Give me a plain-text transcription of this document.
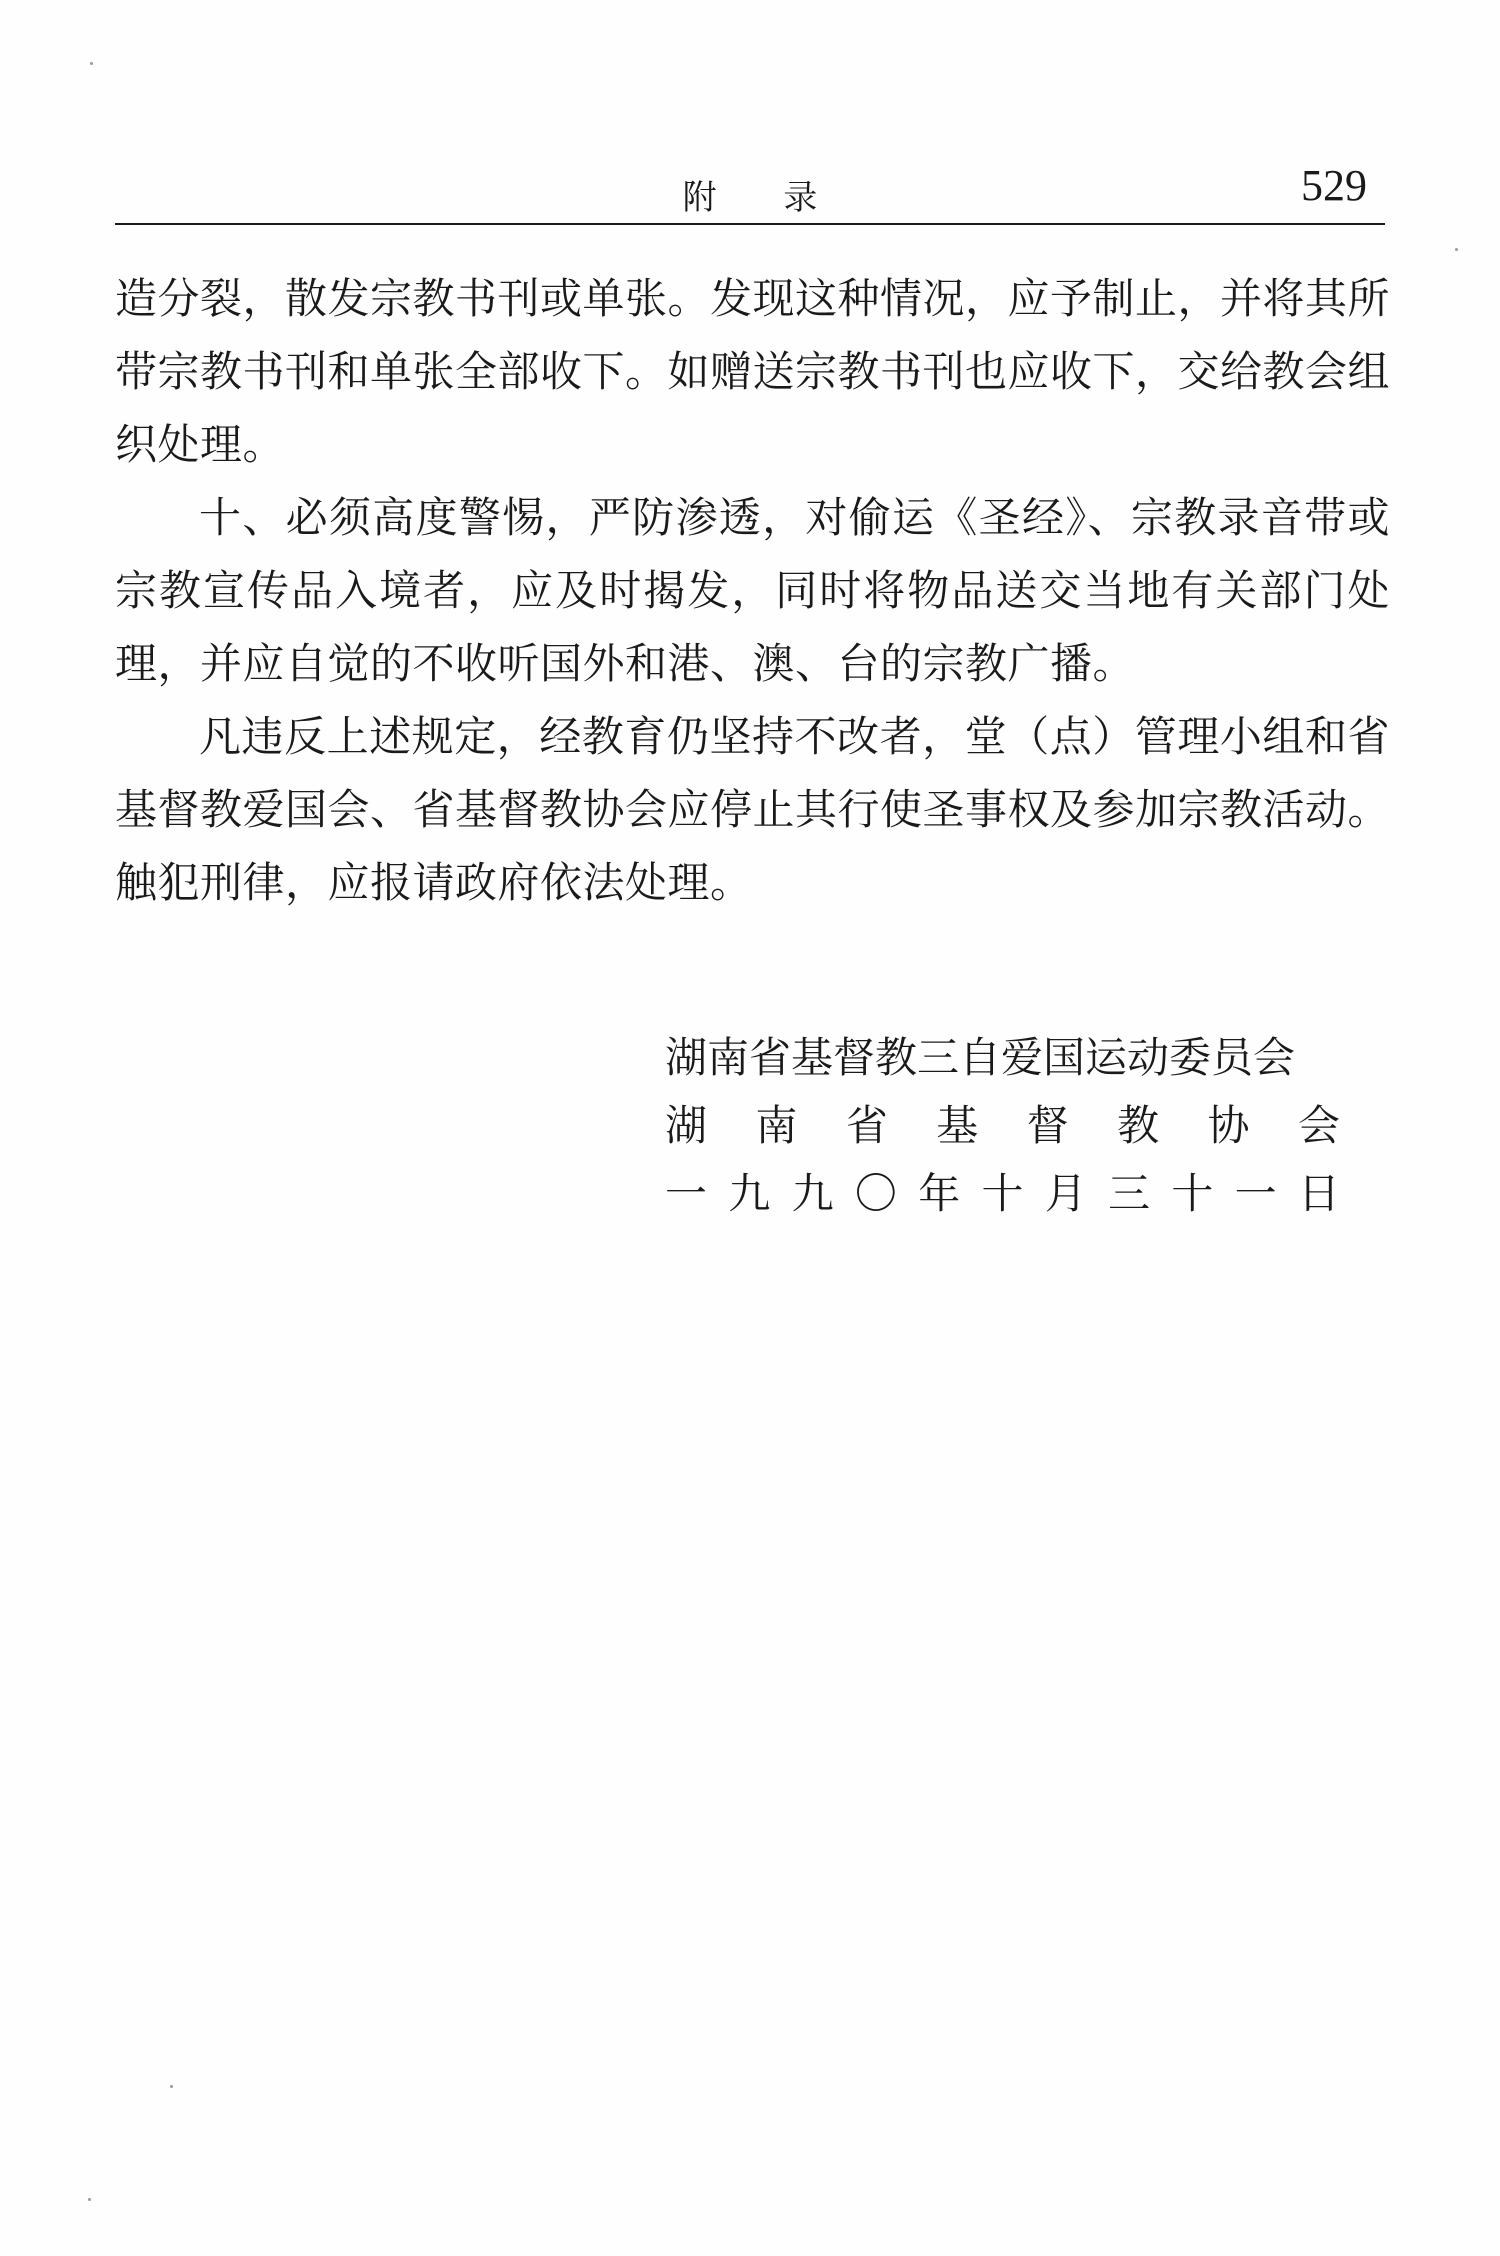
附 录	529

造分裂，散发宗教书刊或单张。发现这种情况，应予制止，并将其所带宗教书刊和单张全部收下。如赠送宗教书刊也应收下，交给教会组织处理。

十、必须高度警惕，严防渗透，对偷运《圣经》、宗教录音带或宗教宣传品入境者，应及时揭发，同时将物品送交当地有关部门处理，并应自觉的不收听国外和港、澳、台的宗教广播。

凡违反上述规定，经教育仍坚持不改者，堂（点）管理小组和省基督教爱国会、省基督教协会应停止其行使圣事权及参加宗教活动。触犯刑律，应报请政府依法处理。

湖南省基督教三自爱国运动委员会
湖 南 省 基 督 教 协 会
一 九 九 〇 年 十 月 三 十 一 日
